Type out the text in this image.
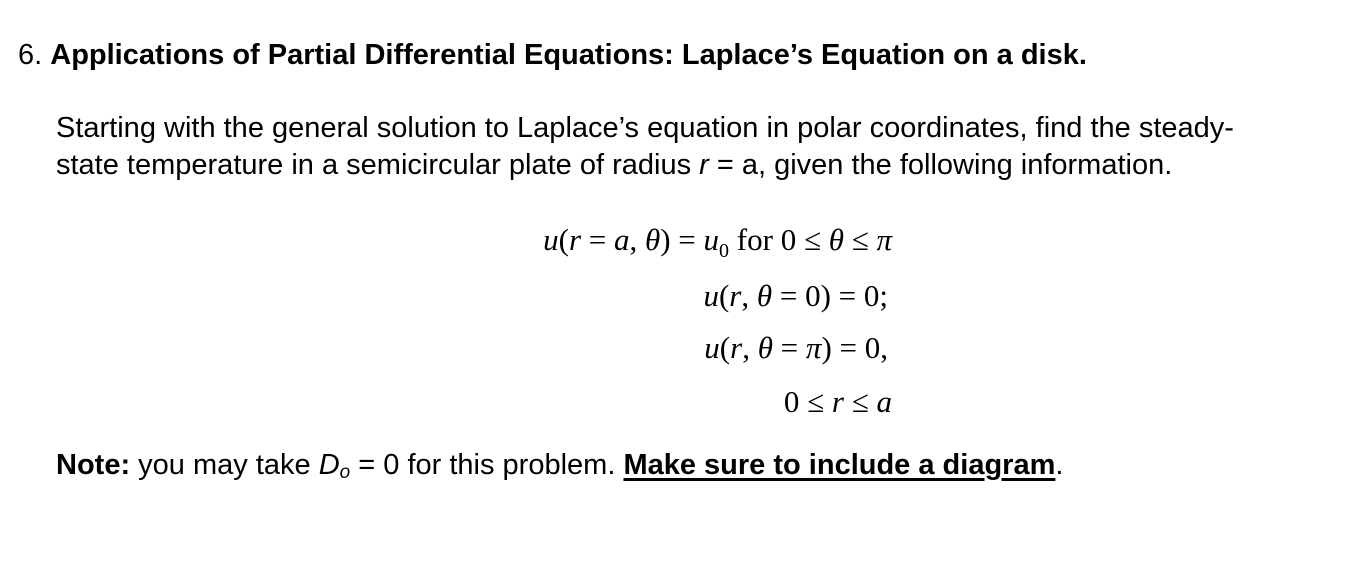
6. Applications of Partial Differential Equations: Laplace’s Equation on a disk.
Starting with the general solution to Laplace’s equation in polar coordinates, find the steady-state temperature in a semicircular plate of radius r = a, given the following information.
u(r = a, $\theta) = u_0$ for 0 ≤ θ ≤ π
u(r, θ = 0) = 0;
u(r, θ = π) = 0,
0 ≤ r ≤ a
Note: you may take $D_o = 0$ for this problem. Make sure to include a diagram.
